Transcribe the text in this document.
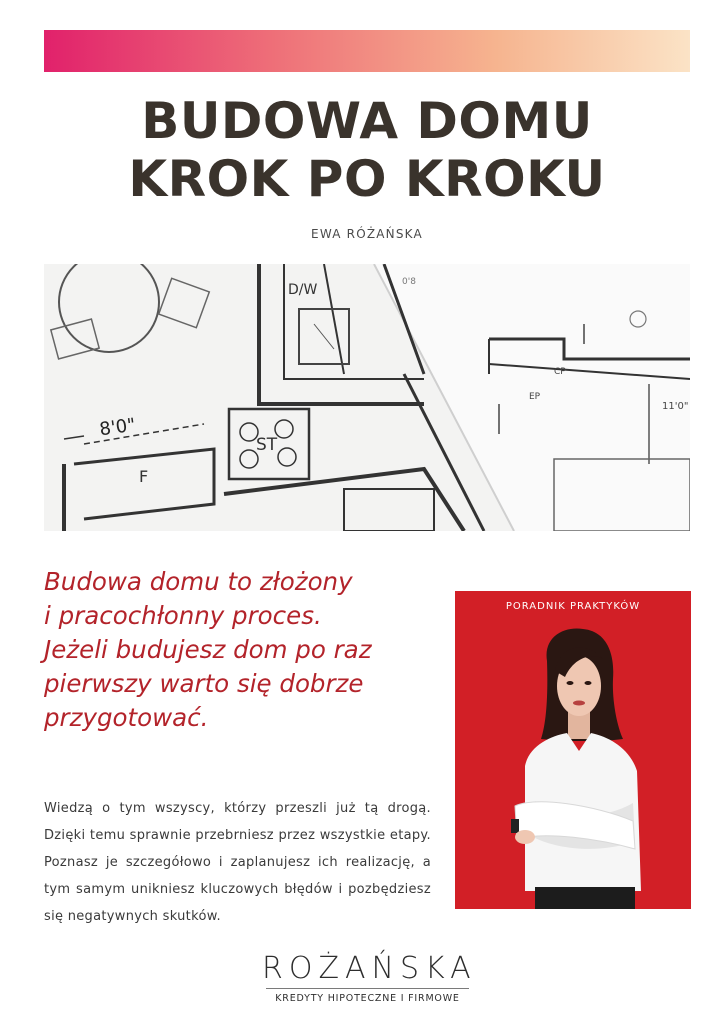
BUDOWA DOMU
KROK PO KROKU
EWA RÓŻAŃSKA
D/W
8'0"
F
ST
CP
EP
11'0"
0'8
Budowa domu to złożony
i pracochłonny proces.
Jeżeli budujesz dom po raz
pierwszy warto się dobrze
przygotować.

Wiedzą o tym wszyscy, którzy przeszli już tą drogą. Dzięki temu sprawnie przebrniesz przez wszystkie etapy. Poznasz je szczegółowo i zaplanujesz ich realizację, a tym samym unikniesz kluczowych błędów i pozbędziesz się negatywnych skutków.

PORADNIK PRAKTYKÓW
ROŻAŃSKA
KREDYTY HIPOTECZNE I FIRMOWE
